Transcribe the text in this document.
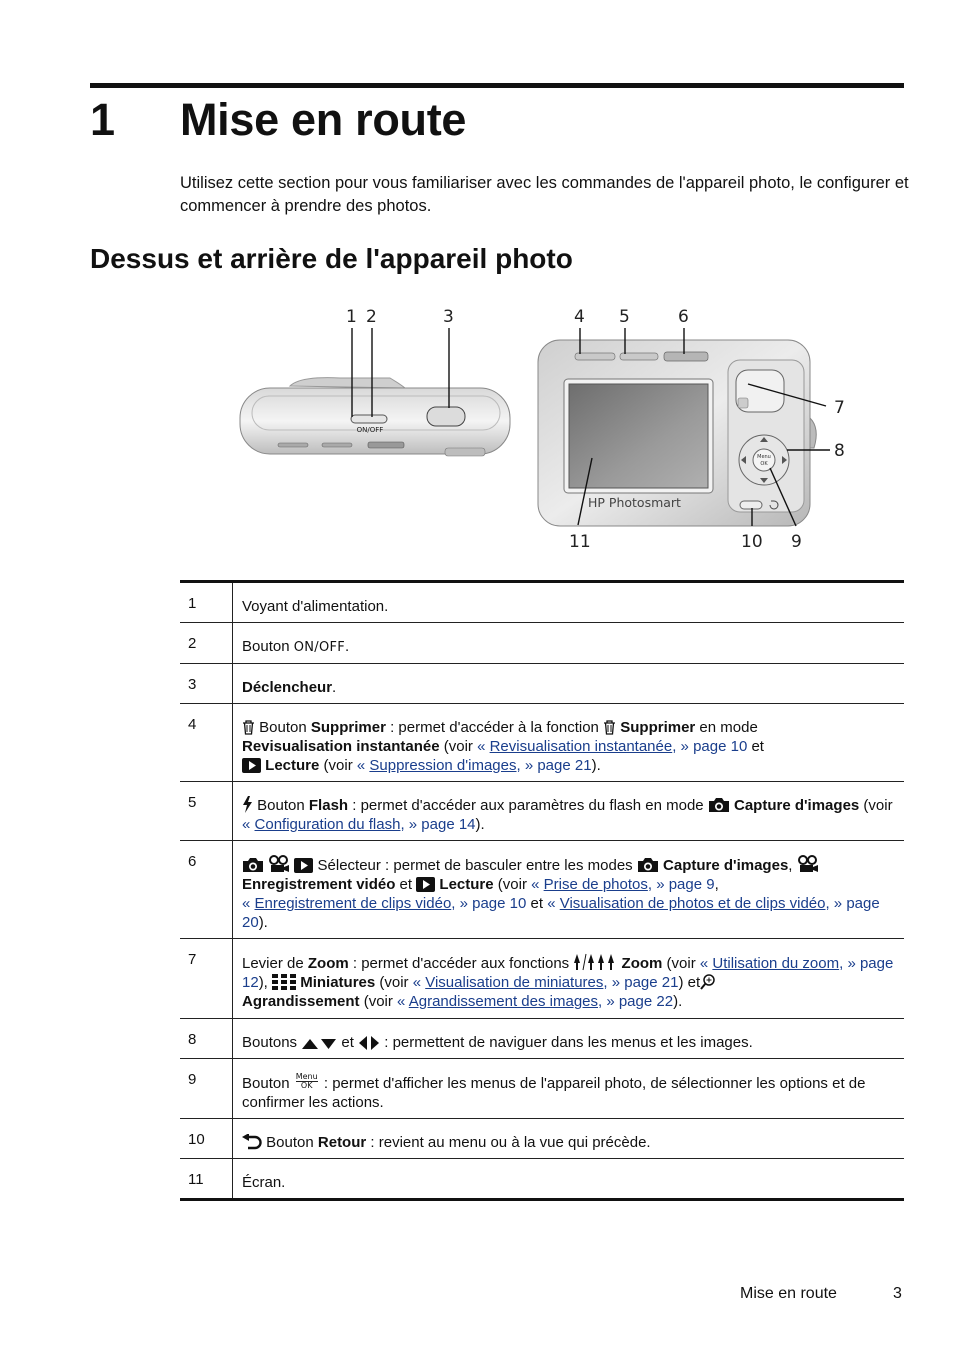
1 Mise en route
Utilisez cette section pour vous familiariser avec les commandes de l'appareil photo, le configurer et commencer à prendre des photos.
Dessus et arrière de l'appareil photo
ON/OFF
HP Photosmart
Menu
OK
1 2	3	4 5	6
7
8
9
10
11
1	Voyant d'alimentation.
2	Bouton ON/OFF.
3	Déclencheur.
4	Bouton Supprimer : permet d'accéder à la fonction  Supprimer en mode
Revisualisation instantanée (voir « Revisualisation instantanée, » page 10 et
Lecture (voir « Suppression d'images, » page 21).
5	Bouton Flash : permet d'accéder aux paramètres du flash en mode  Capture d'images (voir « Configuration du flash, » page 14).
6	Sélecteur : permet de basculer entre les modes  Capture d'images,
Enregistrement vidéo et  Lecture (voir « Prise de photos, » page 9,
« Enregistrement de clips vidéo, » page 10 et « Visualisation de photos et de clips vidéo, » page 20).
7	Levier de Zoom : permet d'accéder aux fonctions Zoom (voir « Utilisation du zoom, » page 12),  Miniatures (voir « Visualisation de miniatures, » page 21) et
Agrandissement (voir « Agrandissement des images, » page 22).
8	Boutons  et  : permettent de naviguer dans les menus et les images.
9	Bouton Menu
OK : permet d'afficher les menus de l'appareil photo, de sélectionner les options et de confirmer les actions.
10	Bouton Retour : revient au menu ou à la vue qui précède.
11	Écran.
Mise en route	3
